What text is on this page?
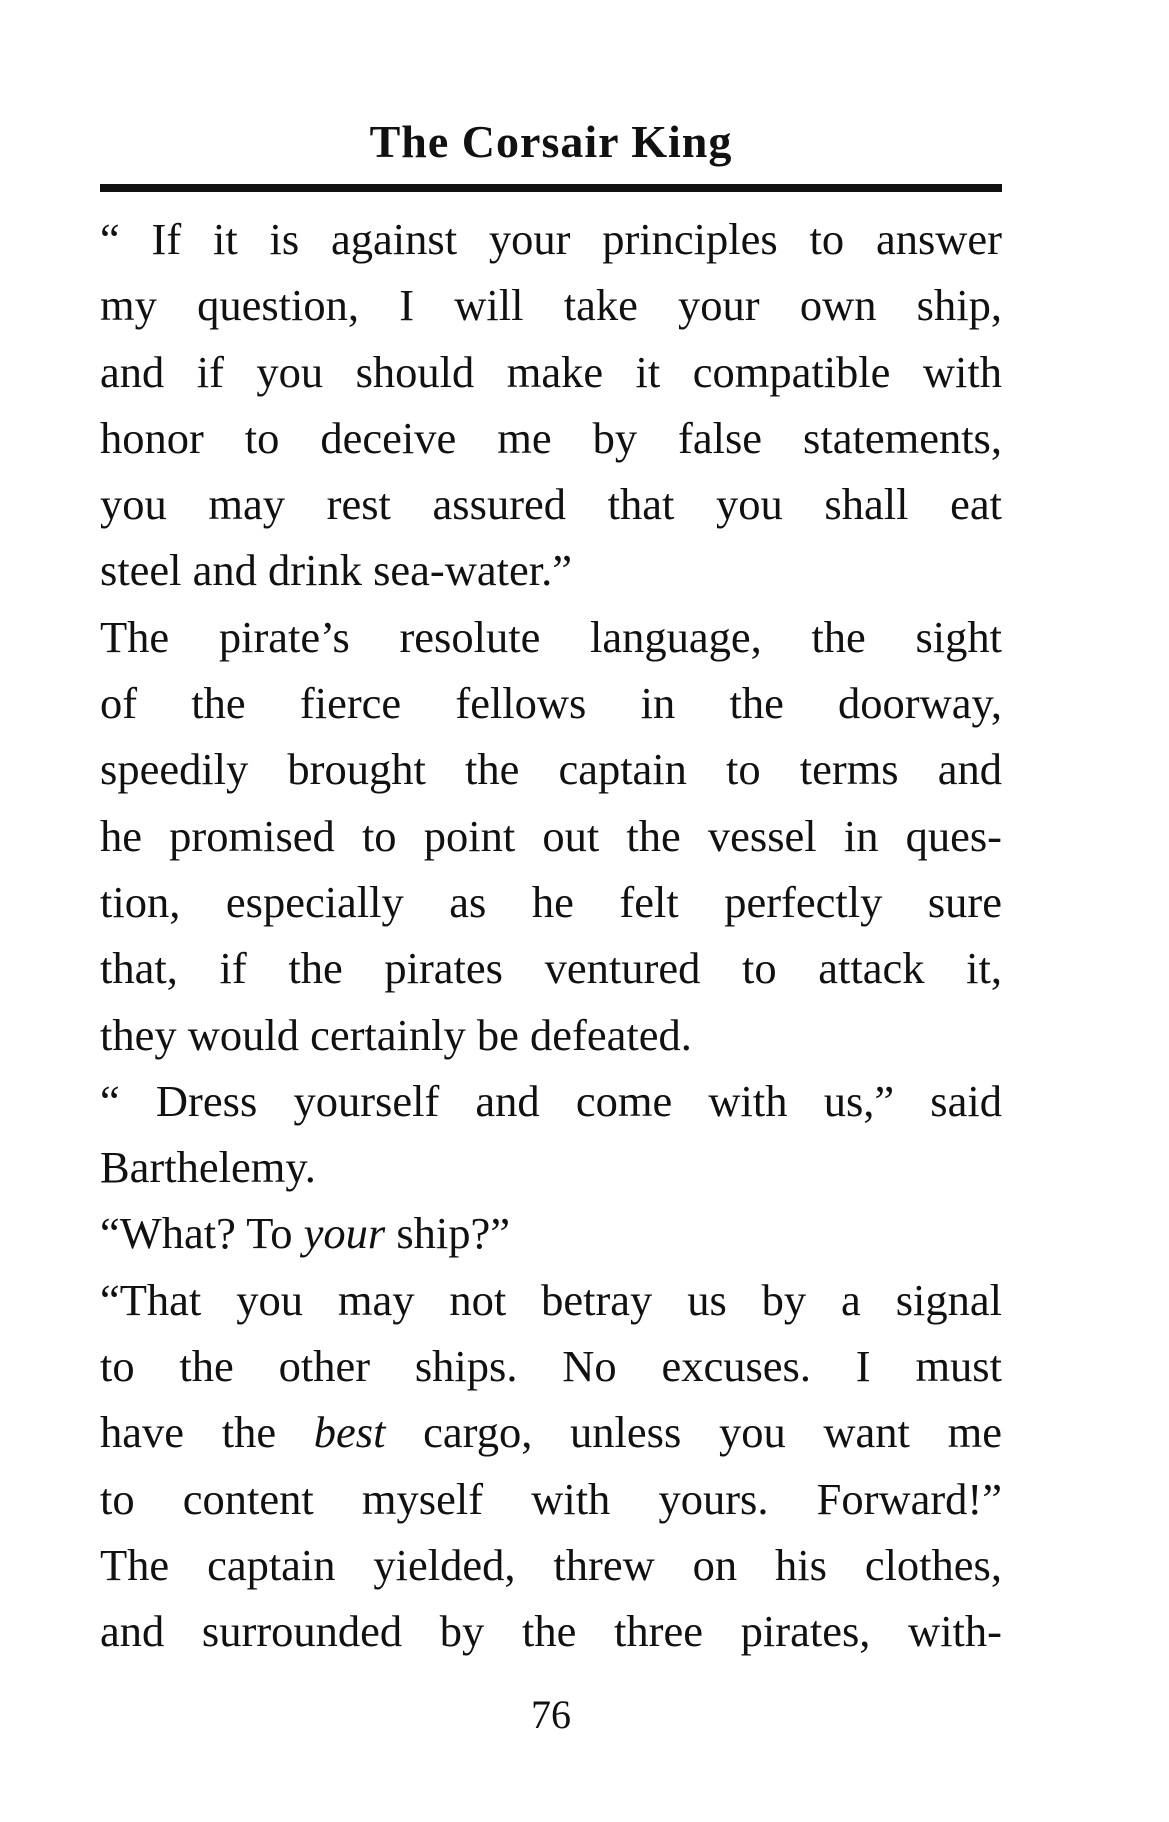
The Corsair King
“ If it is against your principles to answer
my question, I will take your own ship,
and if you should make it compatible with
honor to deceive me by false statements,
you may rest assured that you shall eat
steel and drink sea-water.”
The pirate’s resolute language, the sight
of the fierce fellows in the doorway,
speedily brought the captain to terms and
he promised to point out the vessel in ques-
tion, especially as he felt perfectly sure
that, if the pirates ventured to attack it,
they would certainly be defeated.
“ Dress yourself and come with us,” said
Barthelemy.
“What? To your ship?”
“That you may not betray us by a signal
to the other ships. No excuses. I must
have the best cargo, unless you want me
to content myself with yours. Forward!”
The captain yielded, threw on his clothes,
and surrounded by the three pirates, with-
76
